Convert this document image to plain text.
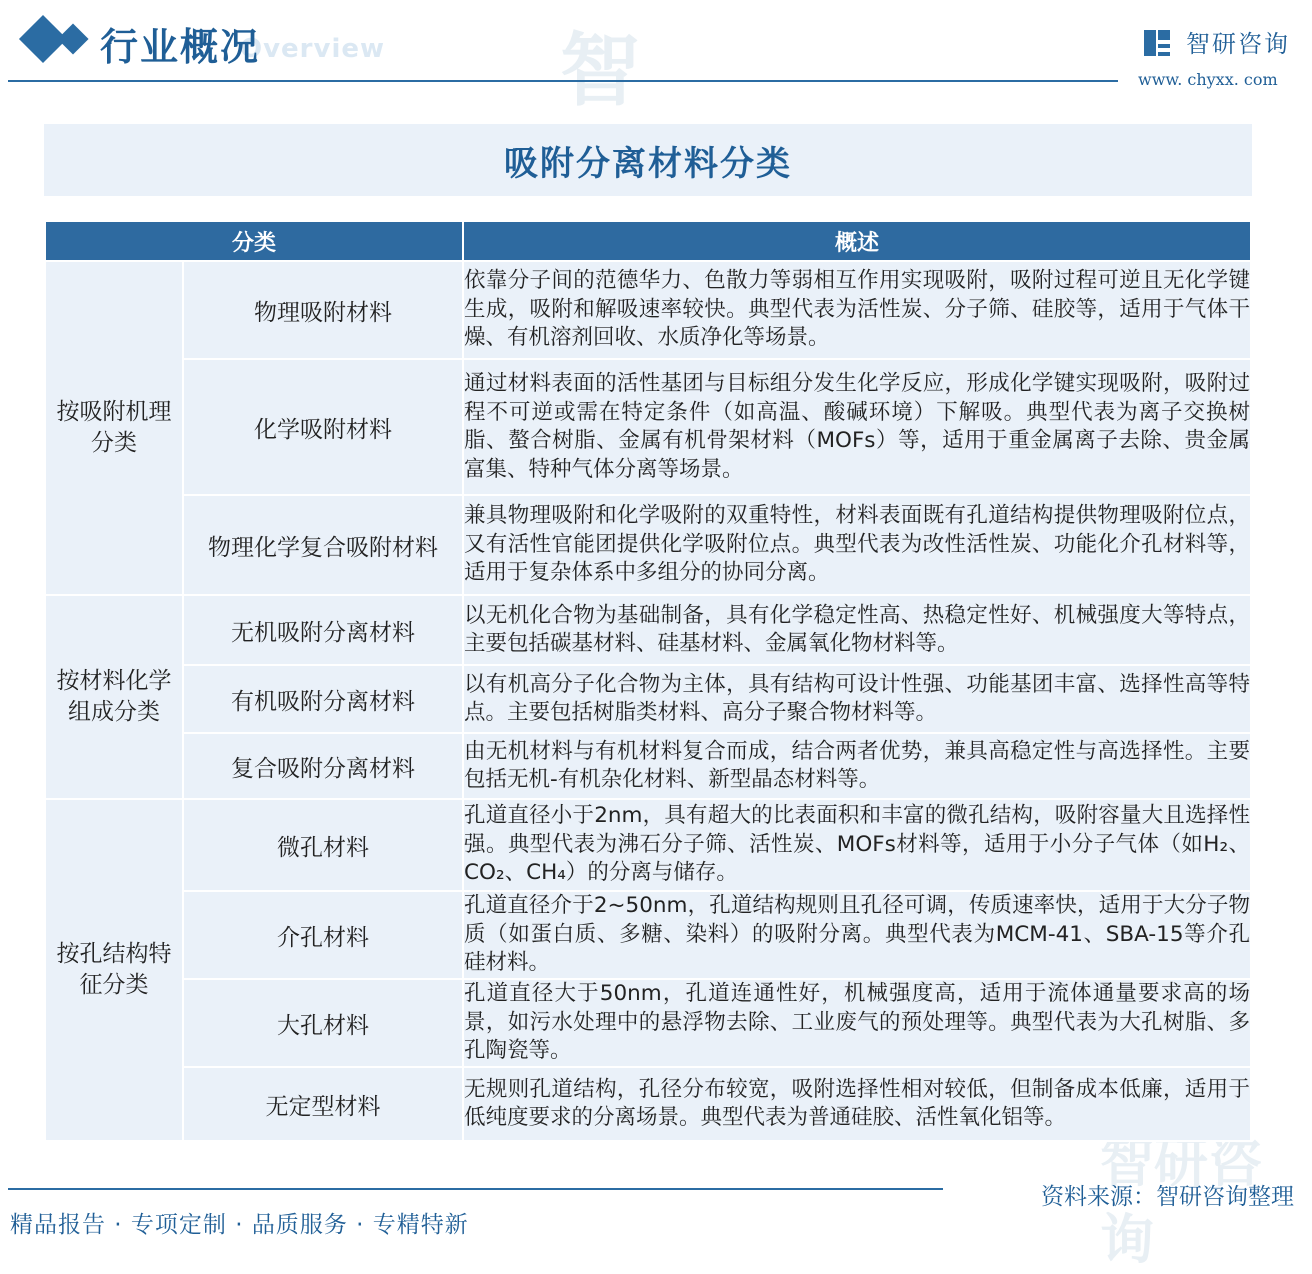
智
智研咨询
Overview
行业概况	智研咨询
www. chyxx. com
吸附分离材料分类
分类		概述
按吸附机理分类	物理吸附材料	依靠分子间的范德华力、色散力等弱相互作用实现吸附，吸附过程可逆且无化学键生成，吸附和解吸速率较快。典型代表为活性炭、分子筛、硅胶等，适用于气体干燥、有机溶剂回收、水质净化等场景。
	化学吸附材料	通过材料表面的活性基团与目标组分发生化学反应，形成化学键实现吸附，吸附过程不可逆或需在特定条件（如高温、酸碱环境）下解吸。典型代表为离子交换树脂、螯合树脂、金属有机骨架材料（MOFs）等，适用于重金属离子去除、贵金属富集、特种气体分离等场景。
	物理化学复合吸附材料	兼具物理吸附和化学吸附的双重特性，材料表面既有孔道结构提供物理吸附位点，又有活性官能团提供化学吸附位点。典型代表为改性活性炭、功能化介孔材料等，适用于复杂体系中多组分的协同分离。
按材料化学组成分类	无机吸附分离材料	以无机化合物为基础制备，具有化学稳定性高、热稳定性好、机械强度大等特点，主要包括碳基材料、硅基材料、金属氧化物材料等。
	有机吸附分离材料	以有机高分子化合物为主体，具有结构可设计性强、功能基团丰富、选择性高等特点。主要包括树脂类材料、高分子聚合物材料等。
	复合吸附分离材料	由无机材料与有机材料复合而成，结合两者优势，兼具高稳定性与高选择性。主要包括无机-有机杂化材料、新型晶态材料等。
按孔结构特征分类	微孔材料	孔道直径小于2nm，具有超大的比表面积和丰富的微孔结构，吸附容量大且选择性强。典型代表为沸石分子筛、活性炭、MOFs材料等，适用于小分子气体（如H₂、CO₂、CH₄）的分离与储存。
	介孔材料	孔道直径介于2~50nm，孔道结构规则且孔径可调，传质速率快，适用于大分子物质（如蛋白质、多糖、染料）的吸附分离。典型代表为MCM-41、SBA-15等介孔硅材料。
	大孔材料	孔道直径大于50nm，孔道连通性好，机械强度高，适用于流体通量要求高的场景，如污水处理中的悬浮物去除、工业废气的预处理等。典型代表为大孔树脂、多孔陶瓷等。
	无定型材料	无规则孔道结构，孔径分布较宽，吸附选择性相对较低，但制备成本低廉，适用于低纯度要求的分离场景。典型代表为普通硅胶、活性氧化铝等。
精品报告 · 专项定制 · 品质服务 · 专精特新
资料来源：智研咨询整理
